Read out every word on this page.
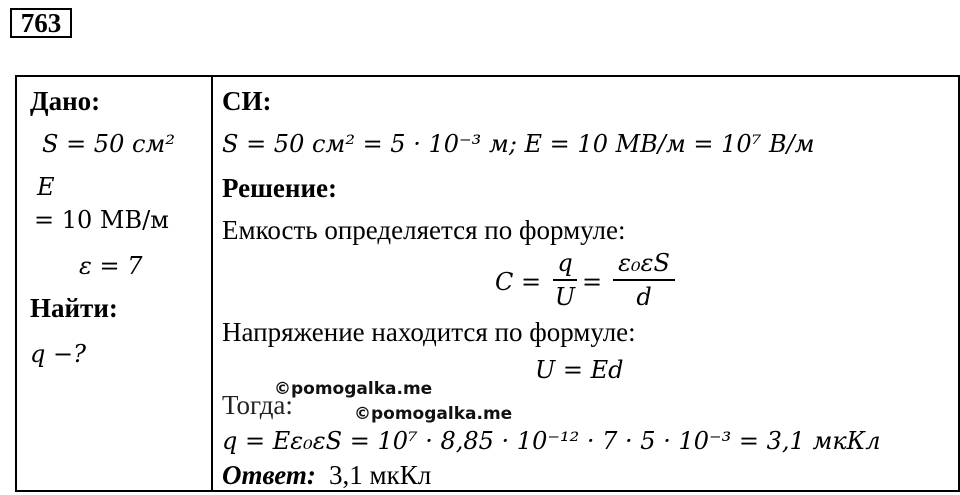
763
Дано:
S = 50 см²
E
= 10 МВ/м
ε = 7
Найти:
q −?
СИ:
S = 50 см² = 5 · 10⁻³ м; E = 10 МВ/м = 10⁷ В/м
Решение:
Емкость определяется по формуле:
C =
q
U
=
ε₀εS
d
Напряжение находится по формуле:
U = Ed
Тогда:
q = Eε₀εS = 10⁷ · 8,85 · 10⁻¹² · 7 · 5 · 10⁻³ = 3,1 мкКл
Ответ: 3,1 мкКл
©pomogalka.me
©pomogalka.me
